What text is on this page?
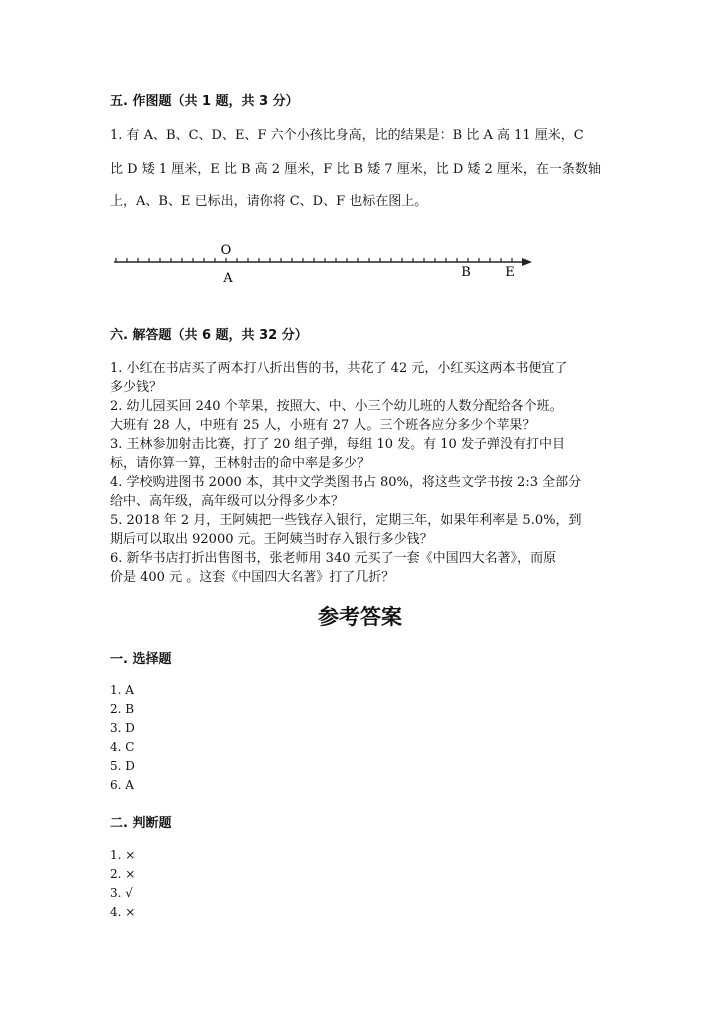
五. 作图题（共 1 题，共 3 分）
1. 有 A、B、C、D、E、F 六个小孩比身高，比的结果是：B 比 A 高 11 厘米，C
比 D 矮 1 厘米，E 比 B 高 2 厘米，F 比 B 矮 7 厘米，比 D 矮 2 厘米，在一条数轴
上，A、B、E 已标出，请你将 C、D、F 也标在图上。
O
A	B	E
六. 解答题（共 6 题，共 32 分）
1. 小红在书店买了两本打八折出售的书，共花了 42 元，小红买这两本书便宜了
多少钱？
2. 幼儿园买回 240 个苹果，按照大、中、小三个幼儿班的人数分配给各个班。
大班有 28 人，中班有 25 人，小班有 27 人。三个班各应分多少个苹果？
3. 王林参加射击比赛，打了 20 组子弹，每组 10 发。有 10 发子弹没有打中目
标，请你算一算，王林射击的命中率是多少？
4. 学校购进图书 2000 本，其中文学类图书占 80%，将这些文学书按 2:3 全部分
给中、高年级，高年级可以分得多少本？
5. 2018 年 2 月，王阿姨把一些钱存入银行，定期三年，如果年利率是 5.0%，到
期后可以取出 92000 元。王阿姨当时存入银行多少钱？
6. 新华书店打折出售图书，张老师用 340 元买了一套《中国四大名著》，而原
价是 400 元 。这套《中国四大名著》打了几折？
参考答案
一. 选择题
1. A
2. B
3. D
4. C
5. D
6. A
二. 判断题
1. ×
2. ×
3. √
4. ×
